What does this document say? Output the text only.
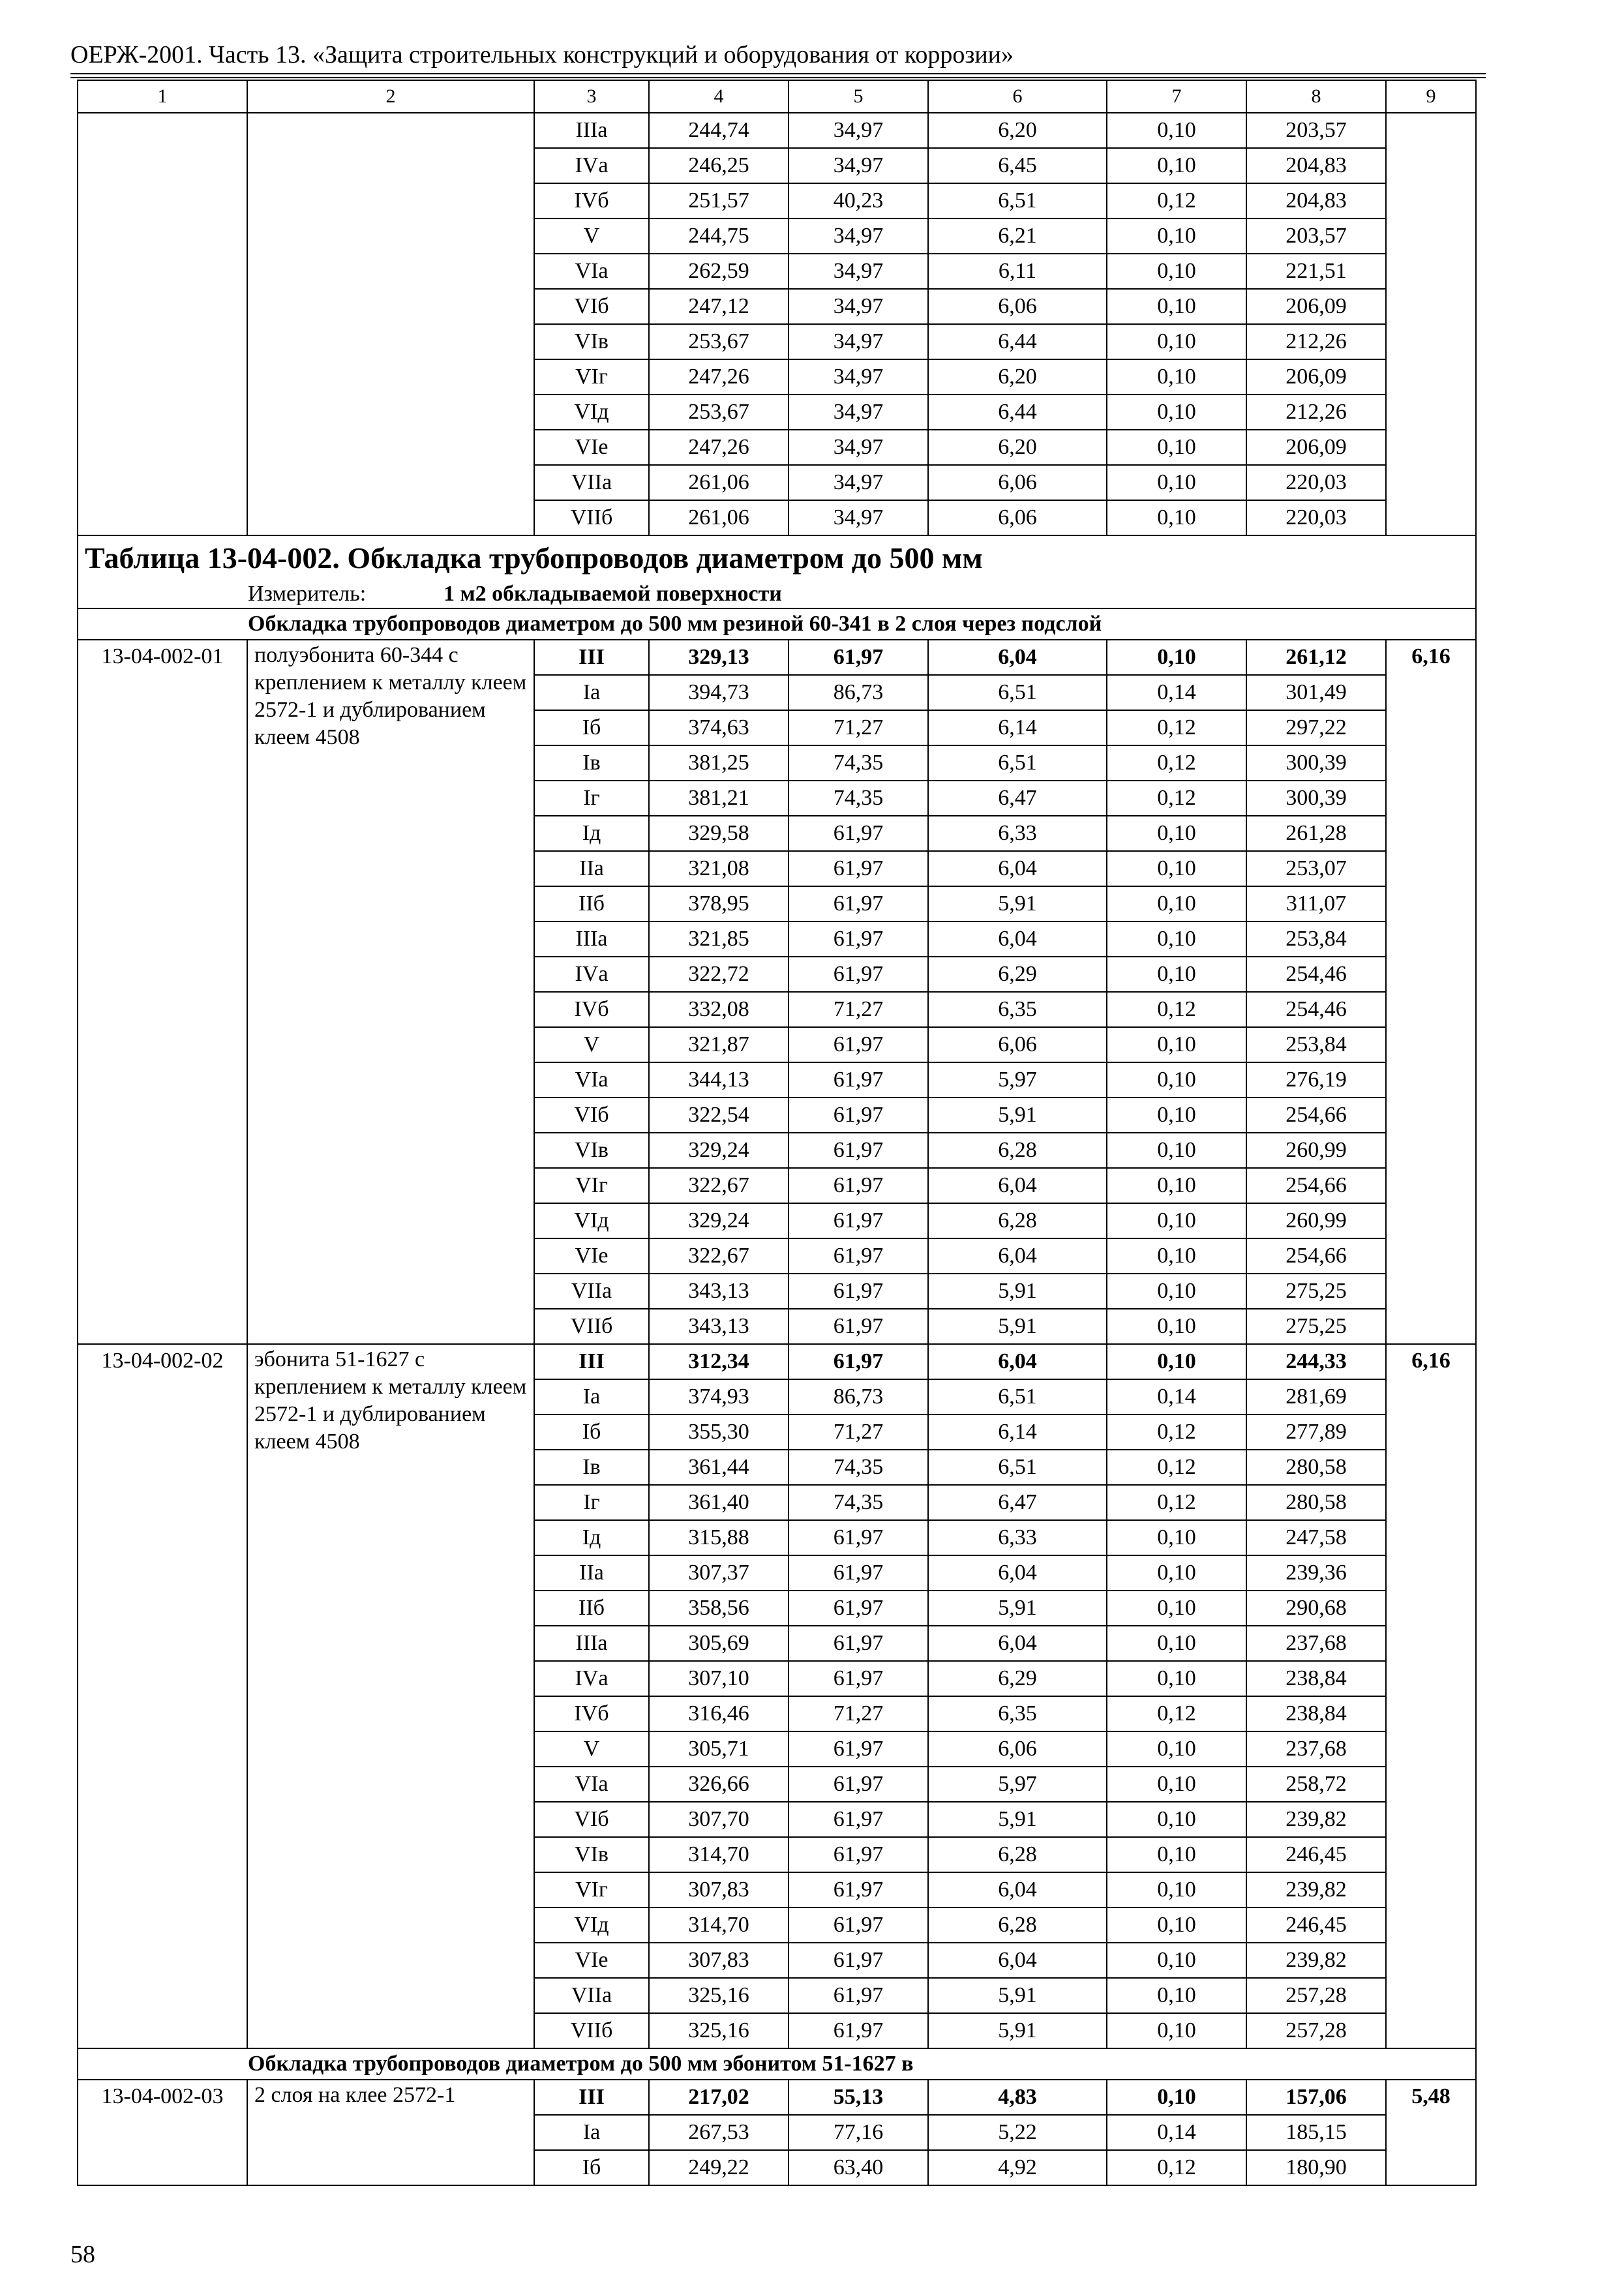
ОЕРЖ-2001. Часть 13. «Защита строительных конструкций и оборудования от коррозии»
1	2	3	4	5	6	7	8	9
		IIIа	244,74	34,97	6,20	0,10	203,57	
		IVа	246,25	34,97	6,45	0,10	204,83	
		IVб	251,57	40,23	6,51	0,12	204,83	
		V	244,75	34,97	6,21	0,10	203,57	
		VIа	262,59	34,97	6,11	0,10	221,51	
		VIб	247,12	34,97	6,06	0,10	206,09	
		VIв	253,67	34,97	6,44	0,10	212,26	
		VIг	247,26	34,97	6,20	0,10	206,09	
		VIд	253,67	34,97	6,44	0,10	212,26	
		VIе	247,26	34,97	6,20	0,10	206,09	
		VIIа	261,06	34,97	6,06	0,10	220,03	
		VIIб	261,06	34,97	6,06	0,10	220,03	
Таблица 13-04-002. Обкладка трубопроводов диаметром до 500 мм								
Измеритель: 1 м2 обкладываемой поверхности								
Обкладка трубопроводов диаметром до 500 мм резиной 60-341 в 2 слоя через подслой								
13-04-002-01	полуэбонита 60-344 с креплением к металлу клеем 2572-1 и дублированием клеем 4508	III	329,13	61,97	6,04	0,10	261,12	6,16
		Iа	394,73	86,73	6,51	0,14	301,49	
		Iб	374,63	71,27	6,14	0,12	297,22	
		Iв	381,25	74,35	6,51	0,12	300,39	
		Iг	381,21	74,35	6,47	0,12	300,39	
		Iд	329,58	61,97	6,33	0,10	261,28	
		IIа	321,08	61,97	6,04	0,10	253,07	
		IIб	378,95	61,97	5,91	0,10	311,07	
		IIIа	321,85	61,97	6,04	0,10	253,84	
		IVа	322,72	61,97	6,29	0,10	254,46	
		IVб	332,08	71,27	6,35	0,12	254,46	
		V	321,87	61,97	6,06	0,10	253,84	
		VIа	344,13	61,97	5,97	0,10	276,19	
		VIб	322,54	61,97	5,91	0,10	254,66	
		VIв	329,24	61,97	6,28	0,10	260,99	
		VIг	322,67	61,97	6,04	0,10	254,66	
		VIд	329,24	61,97	6,28	0,10	260,99	
		VIе	322,67	61,97	6,04	0,10	254,66	
		VIIа	343,13	61,97	5,91	0,10	275,25	
		VIIб	343,13	61,97	5,91	0,10	275,25	
13-04-002-02	эбонита 51-1627 с креплением к металлу клеем 2572-1 и дублированием клеем 4508	III	312,34	61,97	6,04	0,10	244,33	6,16
		Iа	374,93	86,73	6,51	0,14	281,69	
		Iб	355,30	71,27	6,14	0,12	277,89	
		Iв	361,44	74,35	6,51	0,12	280,58	
		Iг	361,40	74,35	6,47	0,12	280,58	
		Iд	315,88	61,97	6,33	0,10	247,58	
		IIа	307,37	61,97	6,04	0,10	239,36	
		IIб	358,56	61,97	5,91	0,10	290,68	
		IIIа	305,69	61,97	6,04	0,10	237,68	
		IVа	307,10	61,97	6,29	0,10	238,84	
		IVб	316,46	71,27	6,35	0,12	238,84	
		V	305,71	61,97	6,06	0,10	237,68	
		VIа	326,66	61,97	5,97	0,10	258,72	
		VIб	307,70	61,97	5,91	0,10	239,82	
		VIв	314,70	61,97	6,28	0,10	246,45	
		VIг	307,83	61,97	6,04	0,10	239,82	
		VIд	314,70	61,97	6,28	0,10	246,45	
		VIе	307,83	61,97	6,04	0,10	239,82	
		VIIа	325,16	61,97	5,91	0,10	257,28	
		VIIб	325,16	61,97	5,91	0,10	257,28	
Обкладка трубопроводов диаметром до 500 мм эбонитом 51-1627 в								
13-04-002-03	2 слоя на клее 2572-1	III	217,02	55,13	4,83	0,10	157,06	5,48
		Iа	267,53	77,16	5,22	0,14	185,15	
		Iб	249,22	63,40	4,92	0,12	180,90	
58
